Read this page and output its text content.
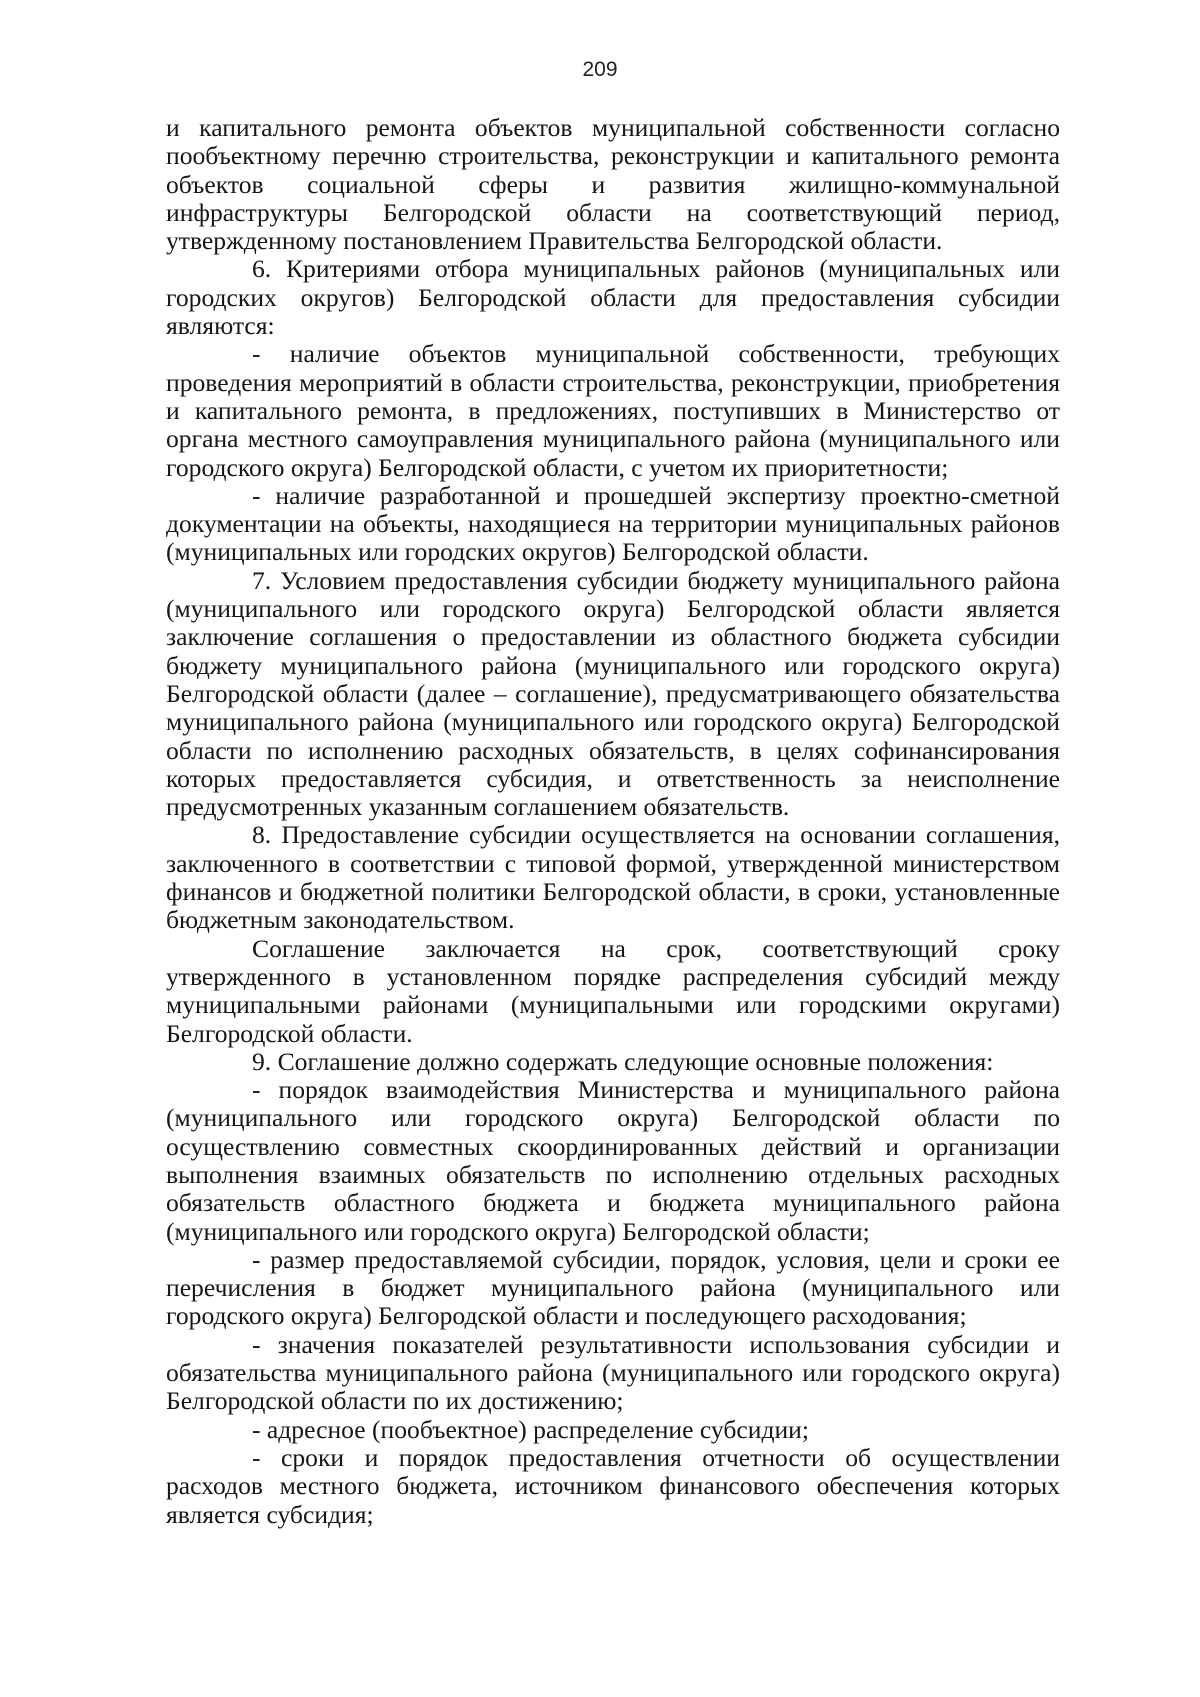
209

и капитального ремонта объектов муниципальной собственности согласно пообъектному перечню строительства, реконструкции и капитального ремонта объектов социальной сферы и развития жилищно-коммунальной инфраструктуры Белгородской области на соответствующий период, утвержденному постановлением Правительства Белгородской области.

6. Критериями отбора муниципальных районов (муниципальных или городских округов) Белгородской области для предоставления субсидии являются:

- наличие объектов муниципальной собственности, требующих проведения мероприятий в области строительства, реконструкции, приобретения и капитального ремонта, в предложениях, поступивших в Министерство от органа местного самоуправления муниципального района (муниципального или городского округа) Белгородской области, с учетом их приоритетности;

- наличие разработанной и прошедшей экспертизу проектно-сметной документации на объекты, находящиеся на территории муниципальных районов (муниципальных или городских округов) Белгородской области.

7. Условием предоставления субсидии бюджету муниципального района (муниципального или городского округа) Белгородской области является заключение соглашения о предоставлении из областного бюджета субсидии бюджету муниципального района (муниципального или городского округа) Белгородской области (далее – соглашение), предусматривающего обязательства муниципального района (муниципального или городского округа) Белгородской области по исполнению расходных обязательств, в целях софинансирования которых предоставляется субсидия, и ответственность за неисполнение предусмотренных указанным соглашением обязательств.

8. Предоставление субсидии осуществляется на основании соглашения, заключенного в соответствии с типовой формой, утвержденной министерством финансов и бюджетной политики Белгородской области, в сроки, установленные бюджетным законодательством.

Соглашение заключается на срок, соответствующий сроку утвержденного в установленном порядке распределения субсидий между муниципальными районами (муниципальными или городскими округами) Белгородской области.

9. Соглашение должно содержать следующие основные положения:

- порядок взаимодействия Министерства и муниципального района (муниципального или городского округа) Белгородской области по осуществлению совместных скоординированных действий и организации выполнения взаимных обязательств по исполнению отдельных расходных обязательств областного бюджета и бюджета муниципального района (муниципального или городского округа) Белгородской области;

- размер предоставляемой субсидии, порядок, условия, цели и сроки ее перечисления в бюджет муниципального района (муниципального или городского округа) Белгородской области и последующего расходования;

- значения показателей результативности использования субсидии и обязательства муниципального района (муниципального или городского округа) Белгородской области по их достижению;

- адресное (пообъектное) распределение субсидии;

- сроки и порядок предоставления отчетности об осуществлении расходов местного бюджета, источником финансового обеспечения которых является субсидия;
